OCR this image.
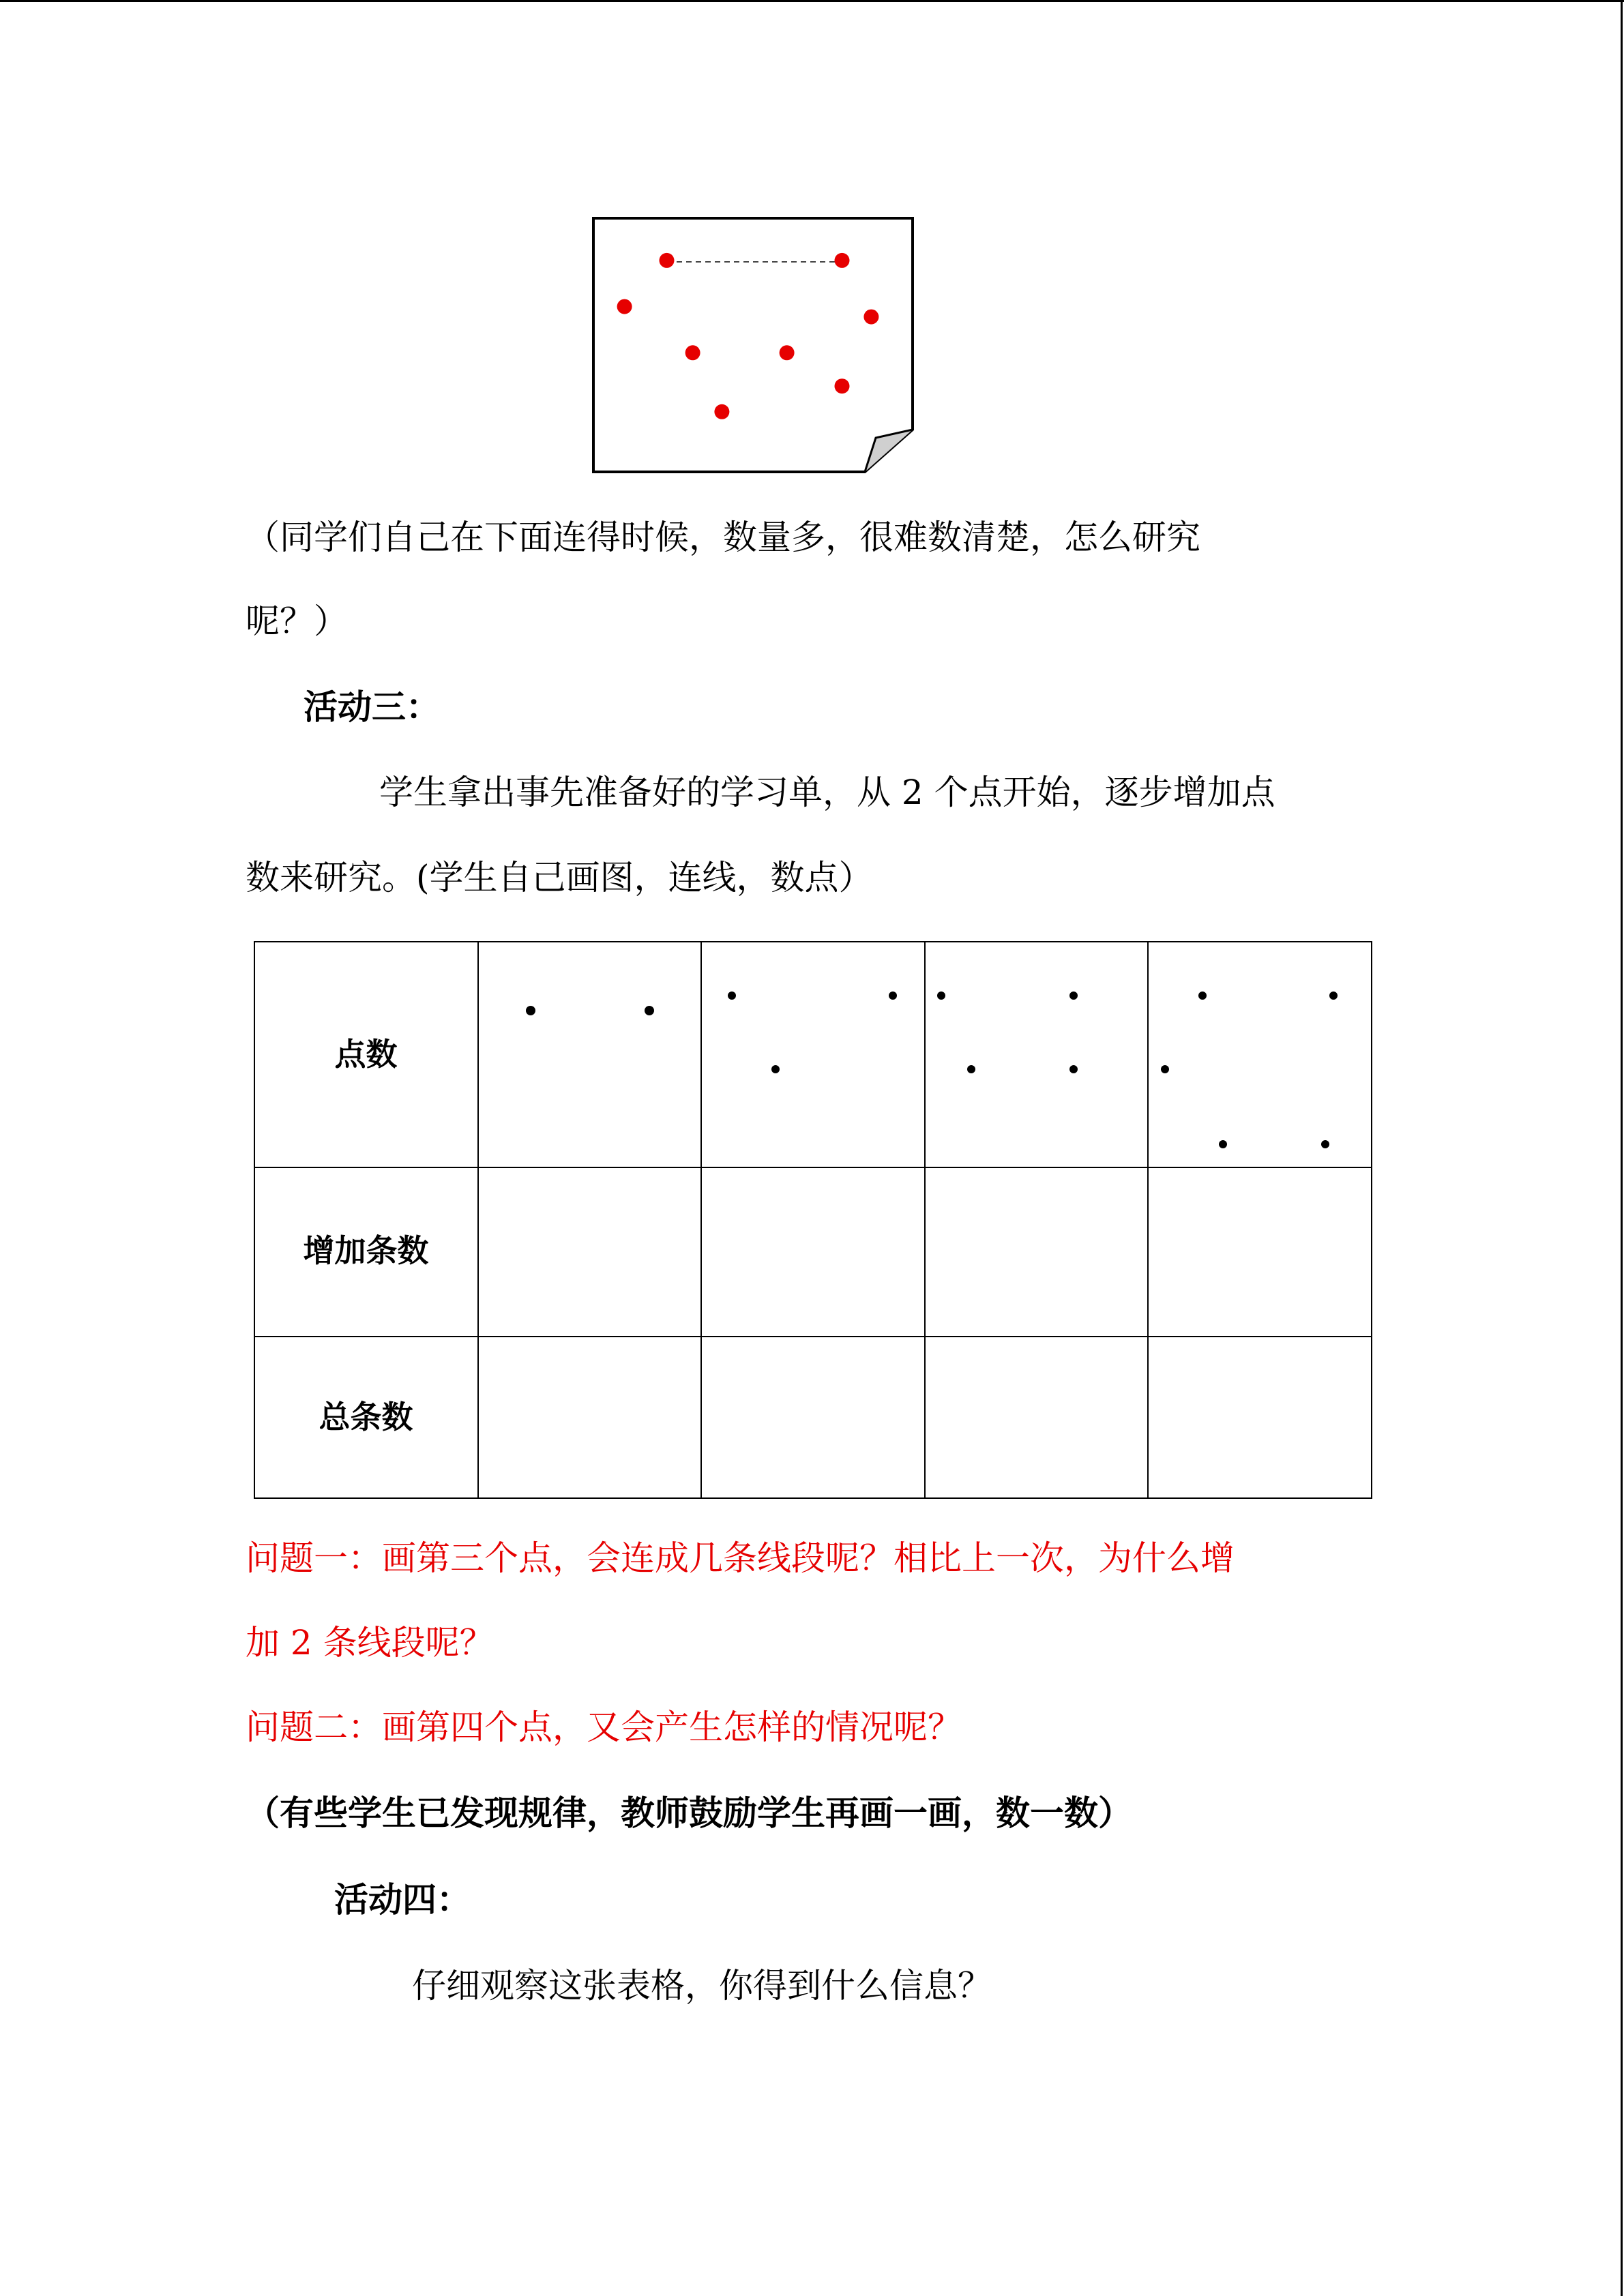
（同学们自己在下面连得时候，数量多，很难数清楚，怎么研究
呢？）
活动三：
学生拿出事先准备好的学习单，从 2 个点开始，逐步增加点
数来研究。(学生自己画图，连线，数点）
点数
增加条数
总条数
问题一：画第三个点，会连成几条线段呢？相比上一次，为什么增
加 2 条线段呢？
问题二：画第四个点，又会产生怎样的情况呢？
（有些学生已发现规律，教师鼓励学生再画一画，数一数）
活动四：
仔细观察这张表格，你得到什么信息？
